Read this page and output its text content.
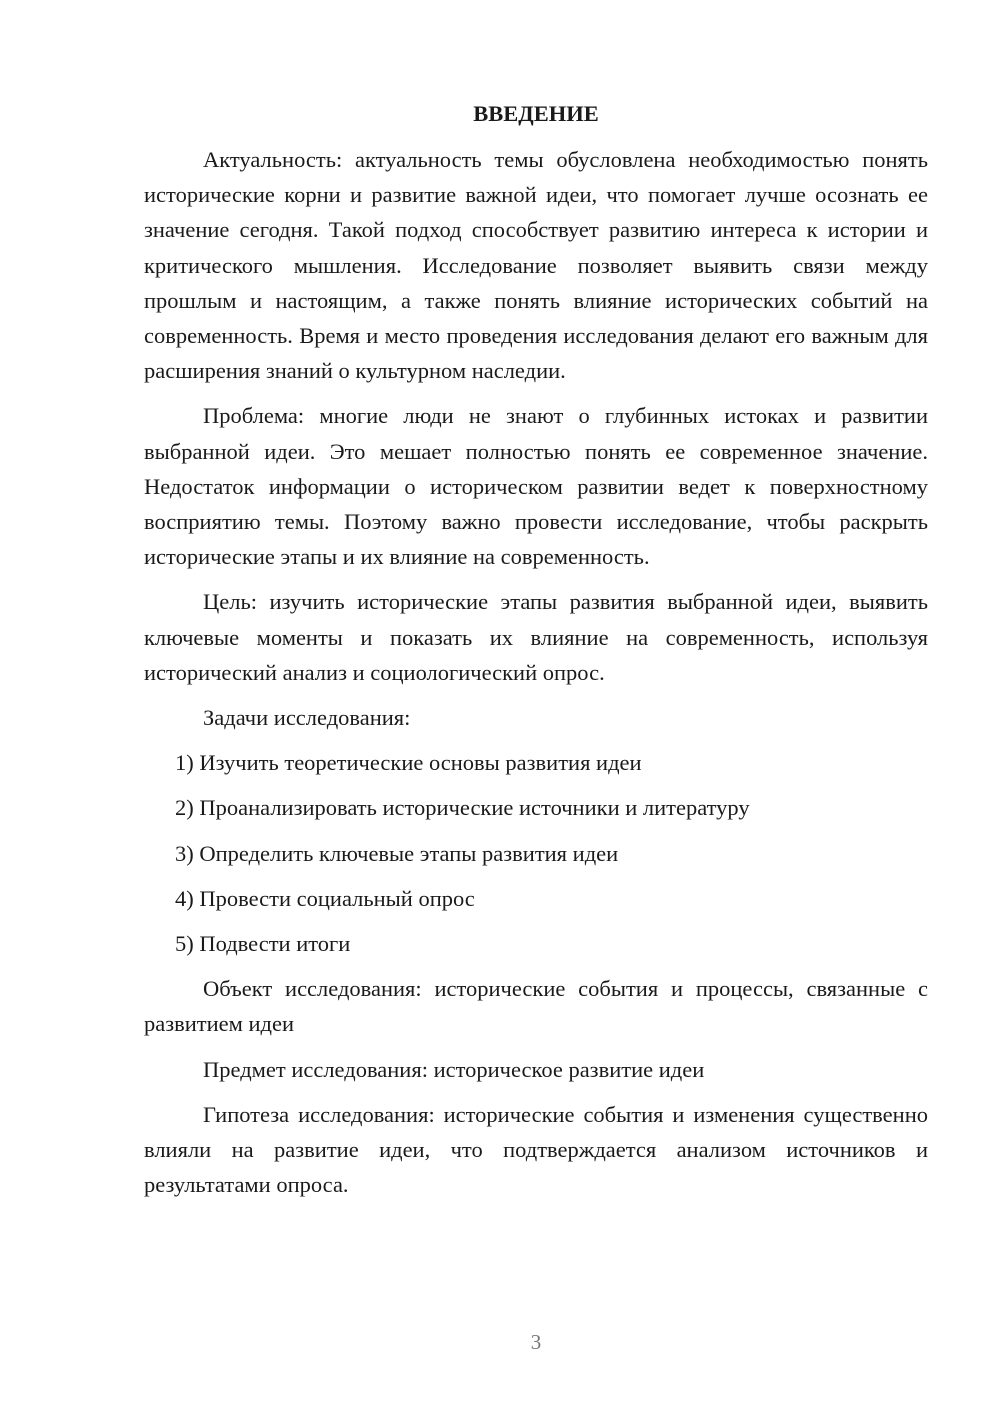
ВВЕДЕНИЕ

Актуальность: актуальность темы обусловлена необходимостью понять исторические корни и развитие важной идеи, что помогает лучше осознать ее значение сегодня. Такой подход способствует развитию интереса к истории и критического мышления. Исследование позволяет выявить связи между прошлым и настоящим, а также понять влияние исторических событий на современность. Время и место проведения исследования делают его важным для расширения знаний о культурном наследии.

Проблема: многие люди не знают о глубинных истоках и развитии выбранной идеи. Это мешает полностью понять ее современное значение. Недостаток информации о историческом развитии ведет к поверхностному восприятию темы. Поэтому важно провести исследование, чтобы раскрыть исторические этапы и их влияние на современность.

Цель: изучить исторические этапы развития выбранной идеи, выявить ключевые моменты и показать их влияние на современность, используя исторический анализ и социологический опрос.

Задачи исследования:
1) Изучить теоретические основы развития идеи
2) Проанализировать исторические источники и литературу
3) Определить ключевые этапы развития идеи
4) Провести социальный опрос
5) Подвести итоги

Объект исследования: исторические события и процессы, связанные с развитием идеи

Предмет исследования: историческое развитие идеи

Гипотеза исследования: исторические события и изменения существенно влияли на развитие идеи, что подтверждается анализом источников и результатами опроса.

3
